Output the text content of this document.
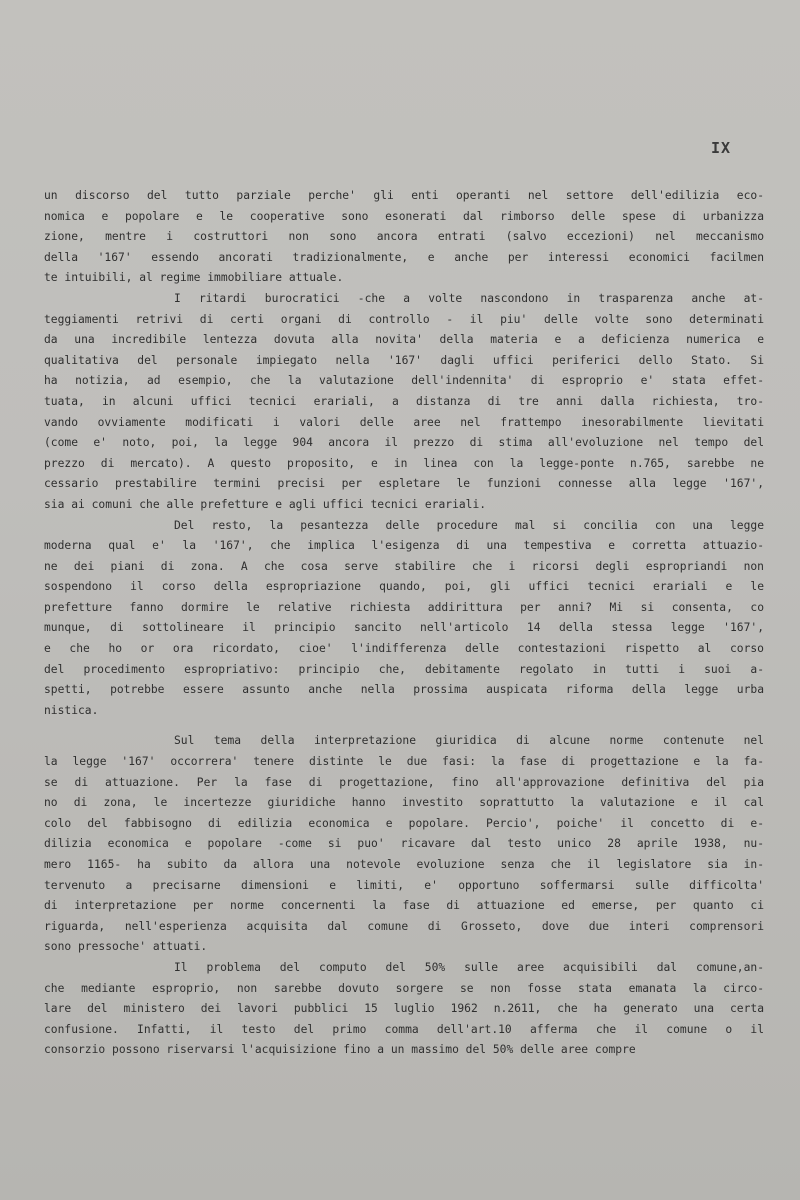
IX
un discorso del tutto parziale perche' gli enti operanti nel settore dell'edilizia eco-
nomica e popolare e le cooperative sono esonerati dal rimborso delle spese di urbanizza
zione, mentre i costruttori non sono ancora entrati (salvo eccezioni) nel meccanismo
della '167' essendo ancorati tradizionalmente, e anche per interessi economici facilmen
te intuibili, al regime immobiliare attuale.
I ritardi burocratici -che a volte nascondono in trasparenza anche at-
teggiamenti retrivi di certi organi di controllo - il piu' delle volte sono determinati
da una incredibile lentezza dovuta alla novita' della materia e a deficienza numerica e
qualitativa del personale impiegato nella '167' dagli uffici periferici dello Stato. Si
ha notizia, ad esempio, che la valutazione dell'indennita' di esproprio e' stata effet-
tuata, in alcuni uffici tecnici erariali, a distanza di tre anni dalla richiesta, tro-
vando ovviamente modificati i valori delle aree nel frattempo inesorabilmente lievitati
(come e' noto, poi, la legge 904 ancora il prezzo di stima all'evoluzione nel tempo del
prezzo di mercato). A questo proposito, e in linea con la legge-ponte n.765, sarebbe ne
cessario prestabilire termini precisi per espletare le funzioni connesse alla legge '167',
sia ai comuni che alle prefetture e agli uffici tecnici erariali.
Del resto, la pesantezza delle procedure mal si concilia con una legge
moderna qual e' la '167', che implica l'esigenza di una tempestiva e corretta attuazio-
ne dei piani di zona. A che cosa serve stabilire che i ricorsi degli espropriandi non
sospendono il corso della espropriazione quando, poi, gli uffici tecnici erariali e le
prefetture fanno dormire le relative richiesta addirittura per anni? Mi si consenta, co
munque, di sottolineare il principio sancito nell'articolo 14 della stessa legge '167',
e che ho or ora ricordato, cioe' l'indifferenza delle contestazioni rispetto al corso
del procedimento espropriativo: principio che, debitamente regolato in tutti i suoi a-
spetti, potrebbe essere assunto anche nella prossima auspicata riforma della legge urba
nistica.
Sul tema della interpretazione giuridica di alcune norme contenute nel
la legge '167' occorrera' tenere distinte le due fasi: la fase di progettazione e la fa-
se di attuazione. Per la fase di progettazione, fino all'approvazione definitiva del pia
no di zona, le incertezze giuridiche hanno investito soprattutto la valutazione e il cal
colo del fabbisogno di edilizia economica e popolare. Percio', poiche' il concetto di e-
dilizia economica e popolare -come si puo' ricavare dal testo unico 28 aprile 1938, nu-
mero 1165- ha subito da allora una notevole evoluzione senza che il legislatore sia in-
tervenuto a precisarne dimensioni e limiti, e' opportuno soffermarsi sulle difficolta'
di interpretazione per norme concernenti la fase di attuazione ed emerse, per quanto ci
riguarda, nell'esperienza acquisita dal comune di Grosseto, dove due interi comprensori
sono pressoche' attuati.
Il problema del computo del 50% sulle aree acquisibili dal comune,an-
che mediante esproprio, non sarebbe dovuto sorgere se non fosse stata emanata la circo-
lare del ministero dei lavori pubblici 15 luglio 1962 n.2611, che ha generato una certa
confusione. Infatti, il testo del primo comma dell'art.10 afferma che il comune o il
consorzio possono riservarsi l'acquisizione fino a un massimo del 50% delle aree compre
